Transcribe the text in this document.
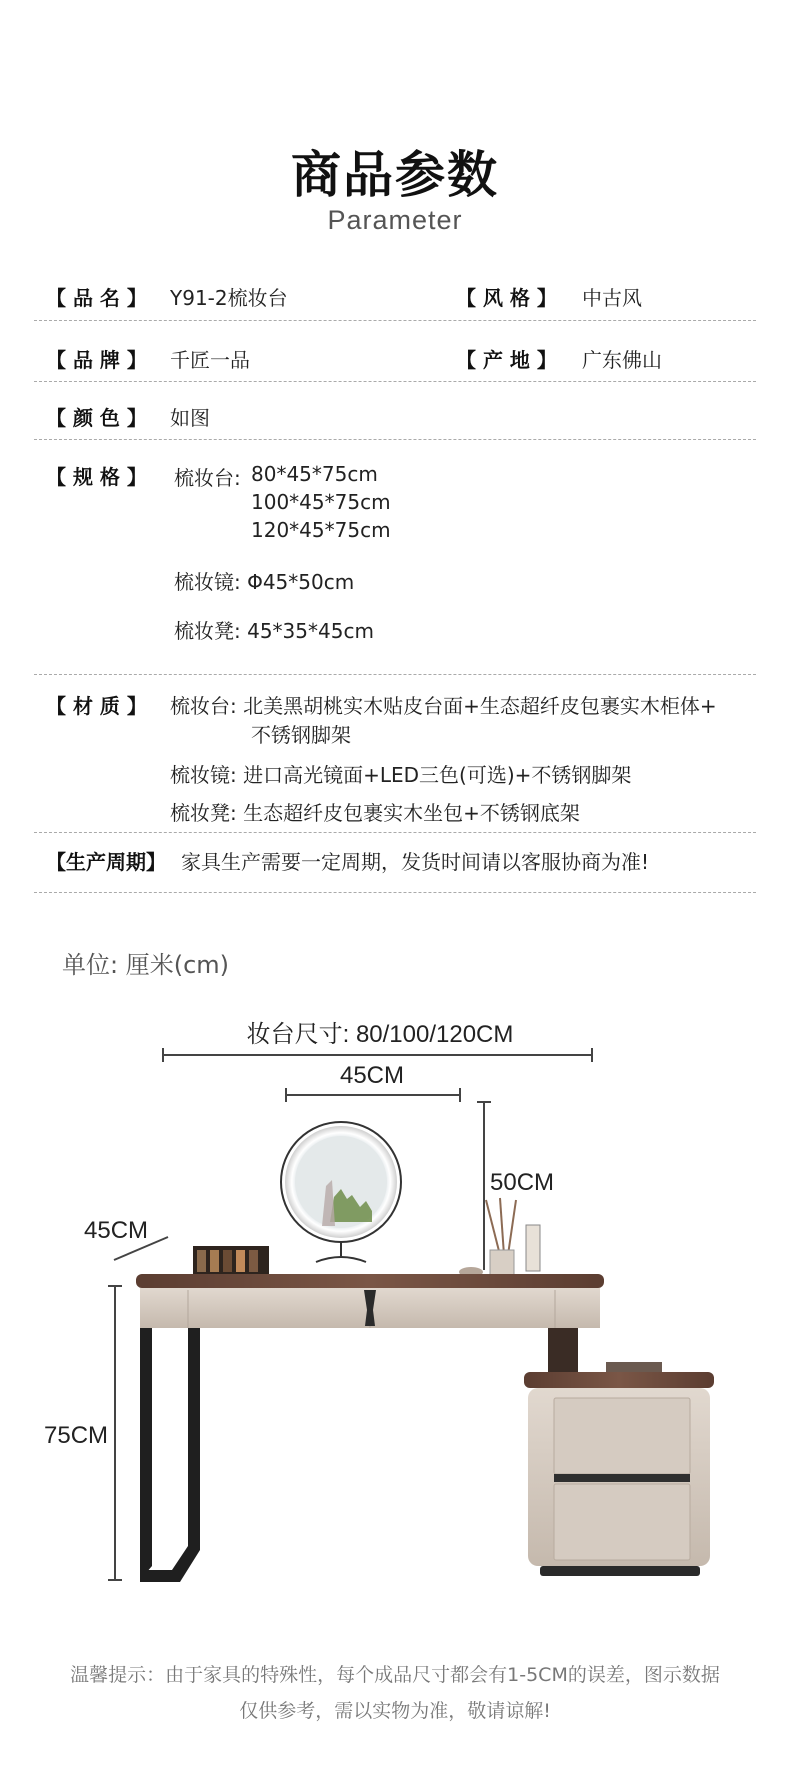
商品参数
Parameter
【 品 名 】 Y91-2梳妆台	【 风 格 】 中古风
【 品 牌 】 千匠一品	【 产 地 】 广东佛山
【 颜 色 】 如图
【 规 格 】 梳妆台: 80*45*75cm
100*45*75cm
120*45*75cm
梳妆镜: Φ45*50cm
梳妆凳: 45*35*45cm
【 材 质 】 梳妆台: 北美黑胡桃实木贴皮台面+生态超纤皮包裹实木柜体+
不锈钢脚架
梳妆镜: 进口高光镜面+LED三色(可选)+不锈钢脚架
梳妆凳: 生态超纤皮包裹实木坐包+不锈钢底架
【生产周期】 家具生产需要一定周期，发货时间请以客服协商为准!
单位: 厘米(cm)
妆台尺寸: 80/100/120CM
45CM
50CM
45CM
75CM
温馨提示：由于家具的特殊性，每个成品尺寸都会有1-5CM的误差，图示数据
仅供参考，需以实物为准，敬请谅解!
